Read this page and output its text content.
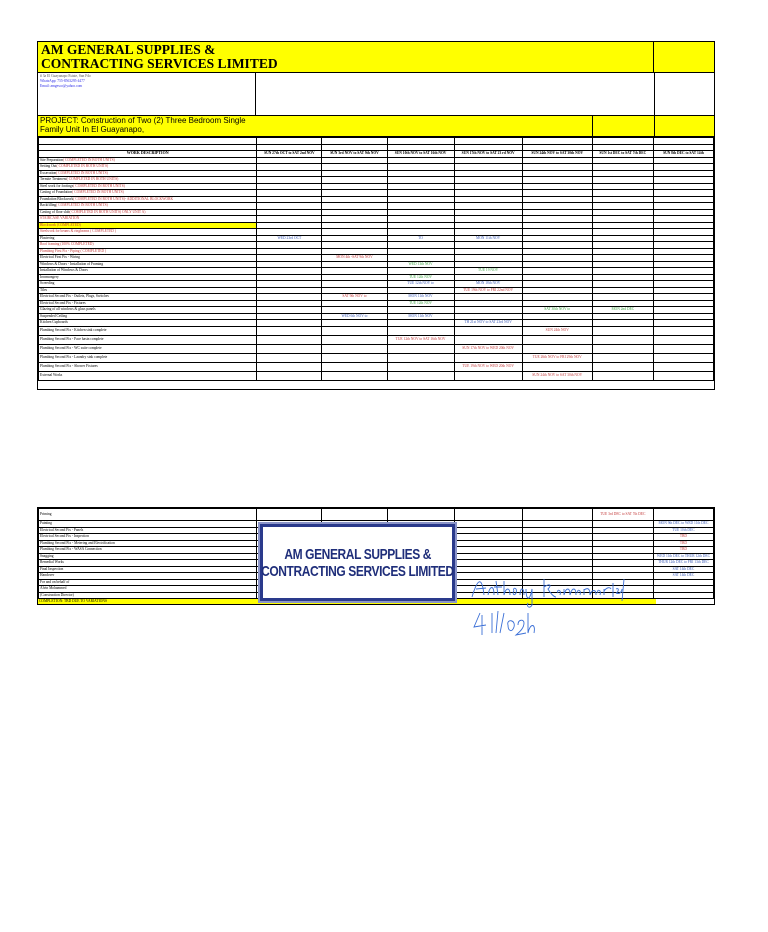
AM GENERAL SUPPLIES &
CONTRACTING SERVICES LIMITED
# 3a El Guayanapo Estate, San Fdo
WhatsApp: 755-8563295-4477
Email: amgesco@yahoo.com
PROJECT: Construction of Two (2) Three Bedroom Single Family Unit In El Guayanapo,

WORK DESCRIPTION	SUN 27th OCT to SAT 2nd NOV	SUN 3rd NOV to SAT 9th NOV	SUN 10th NOV to SAT 16th NOV	SUN 17th NOV to SAT 23 rd NOV	SUN 24th NOV to SAT 30th NOV	SUN 1st DEC to SAT 7th DEC	SUN 8th DEC to SAT 14th
Site Preparation( COMPLETED IN BOTH UNITS)							
Setting Out( COMPLETED IN BOTH UNITS)							
Excavation( COMPLETED IN BOTH UNITS)							
Termite Treatment( COMPLETED IN BOTH UNITS)							
Steel work for footings( COMPLETED IN BOTH UNITS)							
Casting of Foundation( COMPLETED IN BOTH UNITS)							
Foundation Blockwork( COMPLETED IN BOTH UNITS)- ADDITIONAL BLOCKWORK							
Backfilling( COMPLETED IN BOTH UNITS)							
Casting of floor slab( COMPLETED IN BOTH UNITS) ONLY UNIT A)							
STAIRCASE VARIATION							
Blockwork (COMPLETED)							
Steelwork for beams & ringbeams ( COMPLETED )							
Plastering	WED 23rd OCT		TO	MON 11th NOV			
Roof framing (100% COMPLETED)							
Plumbing First Fix - Piping ( COMPLETED )							
Electrical First Fix - Wiring		MON 4th -SAT 9th NOV					
Windows & Doors - Installation of Framing			WED 13th NOV				
Installation of Windows & Doors				TUE 19 NOV			
Ironmongery			TUE 12th NOV				
Screeding			TUE 12th NOV to	MON 18th NOV			
Tiles				TUE 19th NOV to FRI 22nd NOV			
Electrical Second Fix - Outlets, Plugs, Switches		SAT 9th NOV to	MON 11th NOV				
Electrical Second Fix - Fixtures			TUE 12th NOV				
Glazing of all windows & glass panels					SAT 30th NOV to	MON 2nd DEC	
Suspended Ceiling		WED 6th NOV to	MON 11th NOV				
Kitchen Cupboards				TH 21st NOV to SAT 23rd NOV			
Plumbing Second Fix - Kitchen sink complete					SUN 24th NOV		
Plumbing Second Fix - Face basin complete			TUE 12th NOV to SAT 16th NOV				
Plumbing Second Fix - WC suite complete				SUN 17th NOV to WED 20th NOV			
Plumbing Second Fix - Laundry sink complete					TUE 26th NOV to FRI 29th NOV		
Plumbing Second Fix - Shower Fixtures				TUE 19th NOV to WED 20th NOV			
External Works					SUN 24th NOV to SAT 30th NOV		
Priming						TUE 3rd DEC to SAT 7th DEC	
Painting							MON 9th DEC to WED 11th DEC
Electrical Second Fix - Panels							TUE 10th DEC
Electrical Second Fix - Inspection							TBD
Plumbing Second Fix - Metering and Electrification							TBD
Plumbing Second Fix - WASA Connection							TBD
Snagging							WED 11th DEC to THUR 12th DEC
Remedial Works							THUR 12th DEC to FRI 13th DEC
Final Inspection							SAT 14th DEC
Handover							SAT 14th DEC
For and on behalf of							
Alvin Mohammed							
(Construction Director)							
COMPLETION: TBD DUE TO VARIATIONS
AM GENERAL SUPPLIES &
CONTRACTING SERVICES LIMITED	Anthony Ramnarinesingh
